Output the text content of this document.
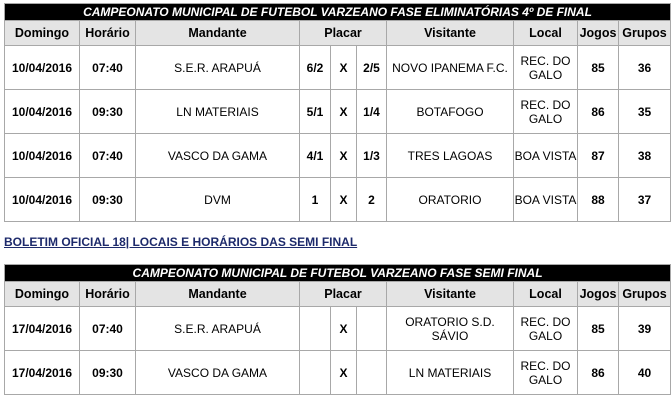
CAMPEONATO MUNICIPAL DE FUTEBOL VARZEANO FASE ELIMINATÓRIAS 4º DE FINAL									
Domingo	Horário	Mandante	Placar			Visitante	Local	Jogos	Grupos
10/04/2016	07:40	S.E.R. ARAPUÁ	6/2	X	2/5	NOVO IPANEMA F.C.	REC. DO GALO	85	36
10/04/2016	09:30	LN MATERIAIS	5/1	X	1/4	BOTAFOGO	REC. DO GALO	86	35
10/04/2016	07:40	VASCO DA GAMA	4/1	X	1/3	TRES LAGOAS	BOA VISTA	87	38
10/04/2016	09:30	DVM	1	X	2	ORATORIO	BOA VISTA	88	37
BOLETIM OFICIAL 18| LOCAIS E HORÁRIOS DAS SEMI FINAL
CAMPEONATO MUNICIPAL DE FUTEBOL VARZEANO FASE SEMI FINAL									
Domingo	Horário	Mandante	Placar			Visitante	Local	Jogos	Grupos
17/04/2016	07:40	S.E.R. ARAPUÁ		X		ORATORIO S.D. SÁVIO	REC. DO GALO	85	39
17/04/2016	09:30	VASCO DA GAMA		X		LN MATERIAIS	REC. DO GALO	86	40
